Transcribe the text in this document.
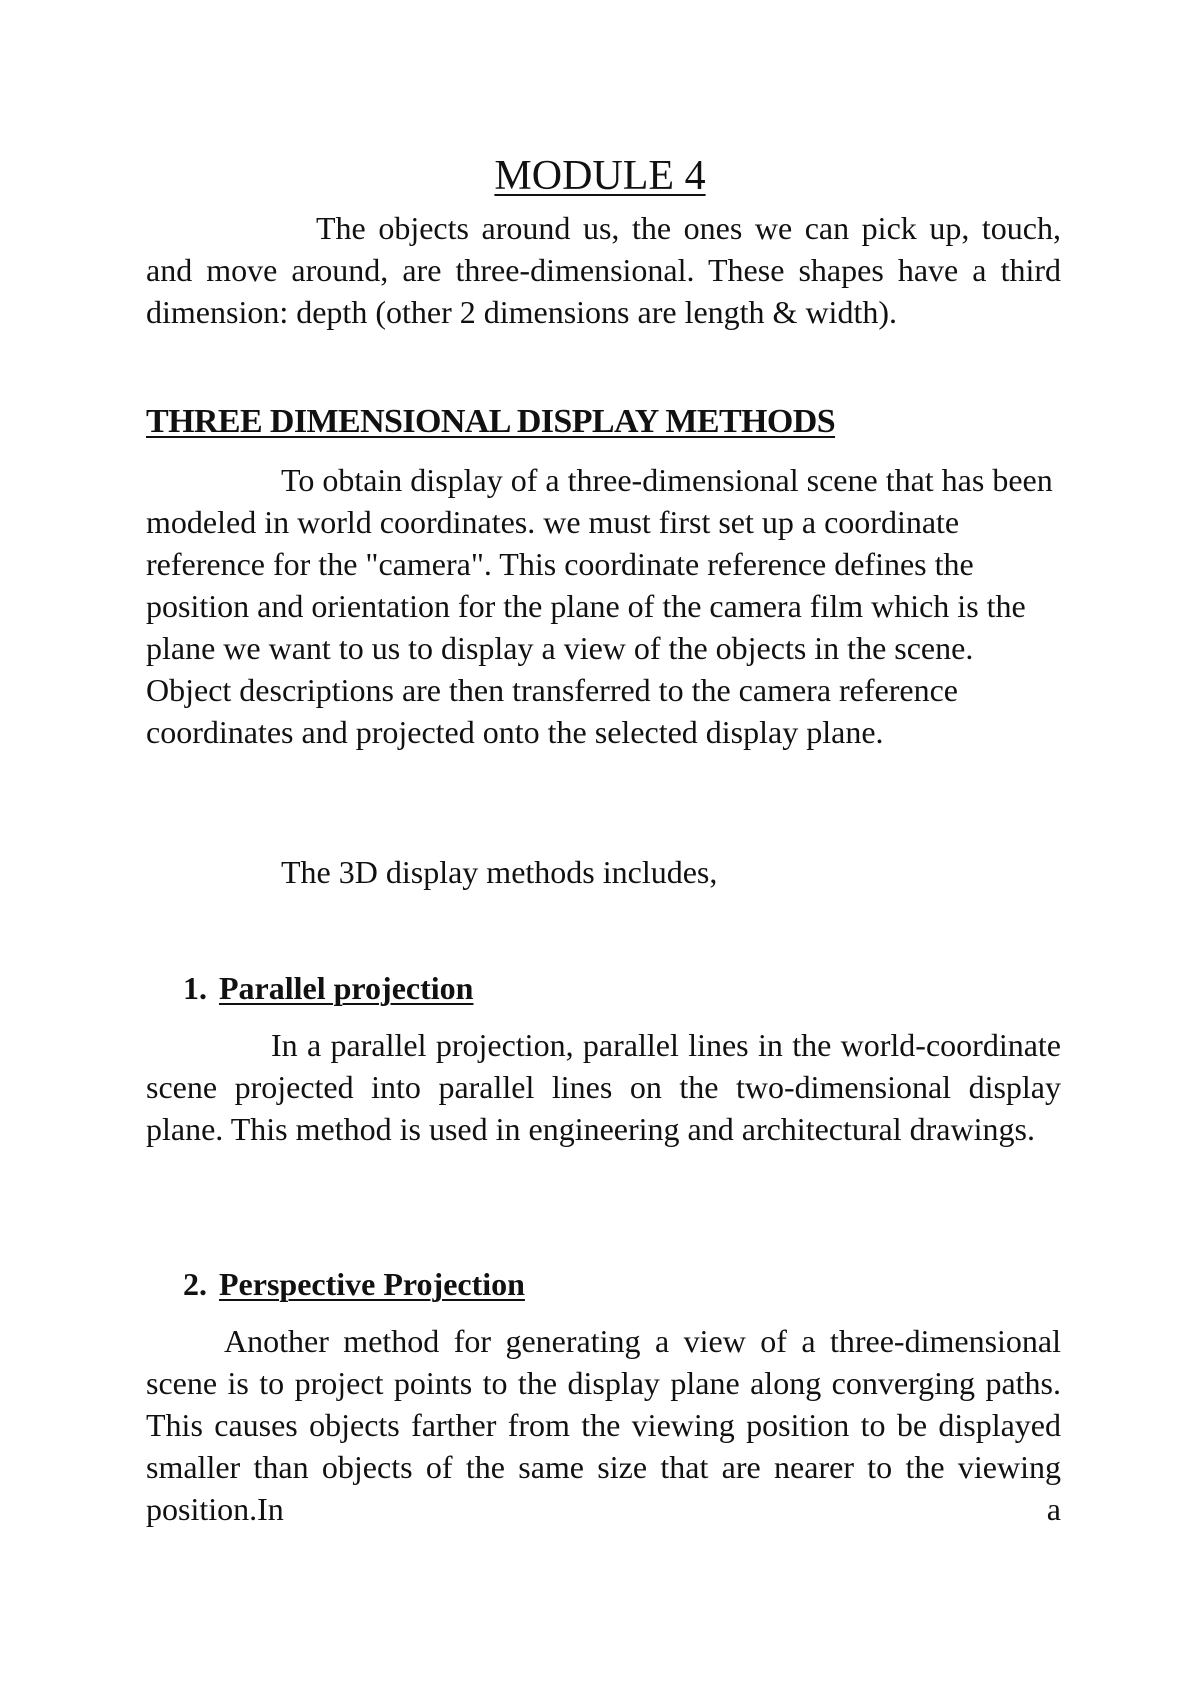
MODULE 4

The objects around us, the ones we can pick up, touch, and move around, are three-dimensional. These shapes have a third dimension: depth (other 2 dimensions are length & width).

THREE DIMENSIONAL DISPLAY METHODS

To obtain display of a three-dimensional scene that has been modeled in world coordinates. we must first set up a coordinate reference for the "camera". This coordinate reference defines the position and orientation for the plane of the camera film which is the plane we want to us to display a view of the objects in the scene. Object descriptions are then transferred to the camera reference coordinates and projected onto the selected display plane.

The 3D display methods includes,
1. Parallel projection

In a parallel projection, parallel lines in the world-coordinate scene projected into parallel lines on the two-dimensional display plane. This method is used in engineering and architectural drawings.

2. Perspective Projection

Another method for generating a view of a three-dimensional scene is to project points to the display plane along converging paths. This causes objects farther from the viewing position to be displayed smaller than objects of the same size that are nearer to the viewing position.In a
